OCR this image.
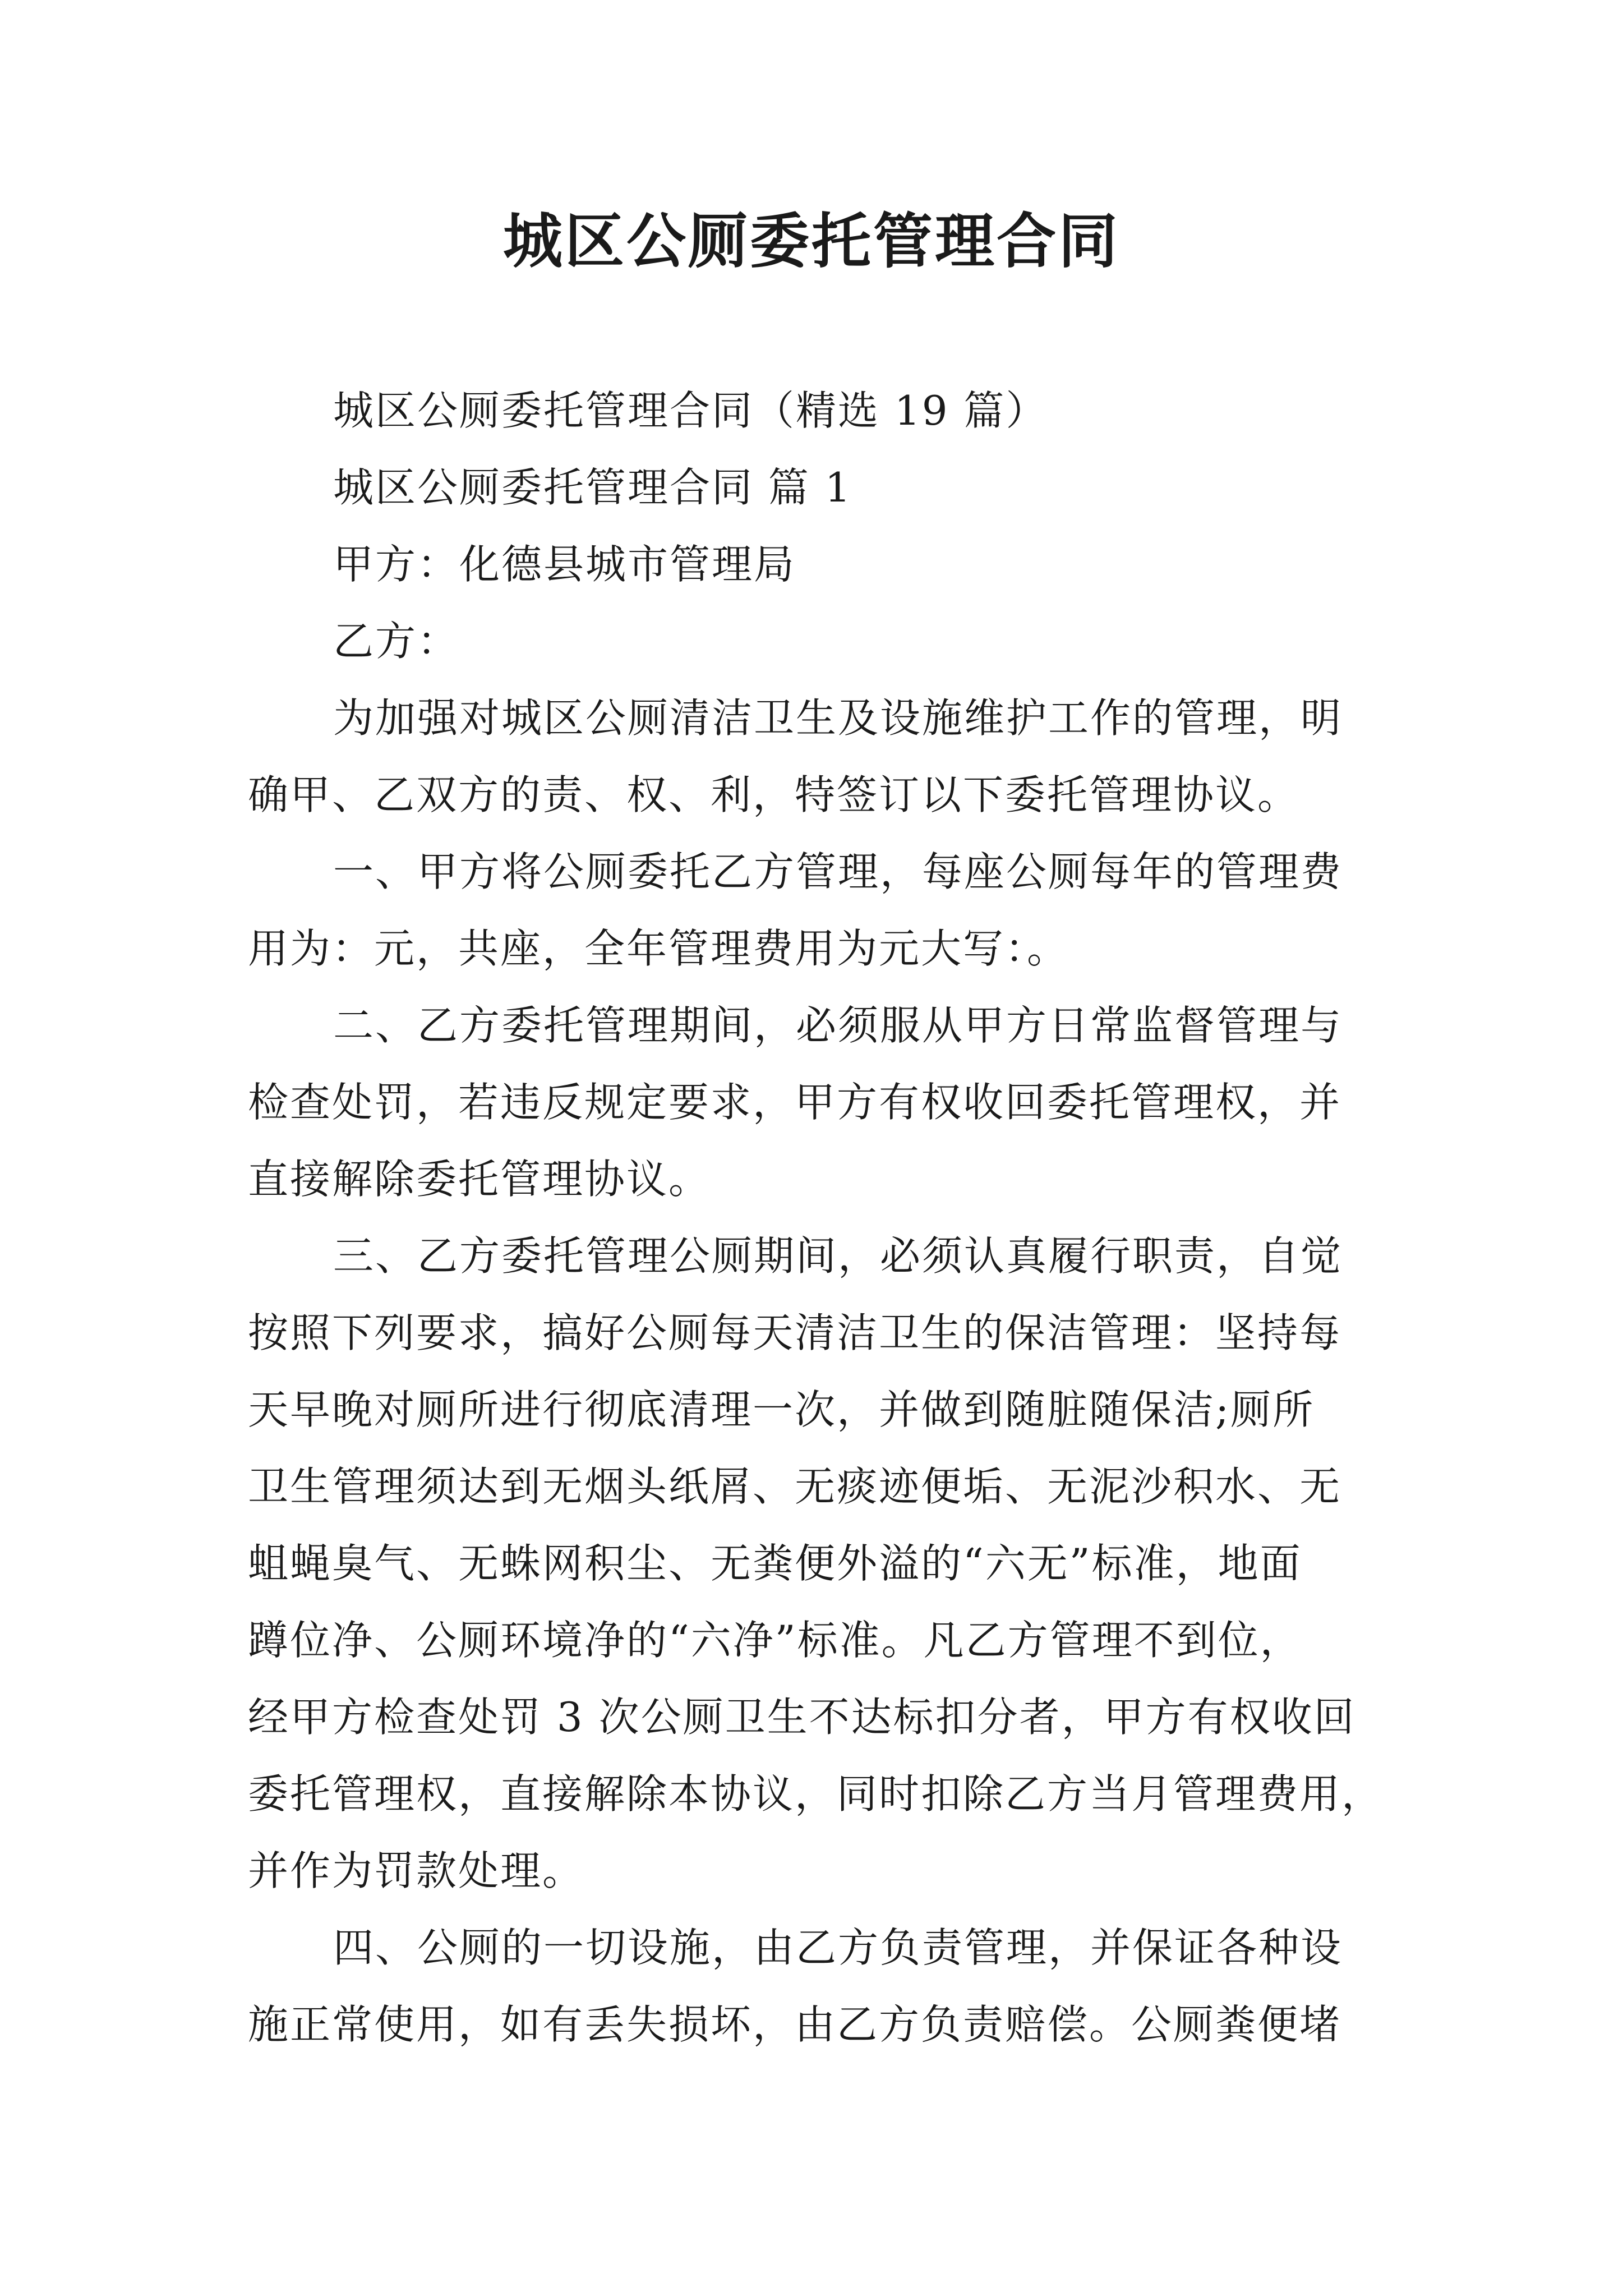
城区公厕委托管理合同
城区公厕委托管理合同（精选 19 篇）
城区公厕委托管理合同 篇 1
甲方：化德县城市管理局
乙方：
为加强对城区公厕清洁卫生及设施维护工作的管理，明
确甲、乙双方的责、权、利，特签订以下委托管理协议。
一、甲方将公厕委托乙方管理，每座公厕每年的管理费
用为：元，共座，全年管理费用为元大写：。
二、乙方委托管理期间，必须服从甲方日常监督管理与
检查处罚，若违反规定要求，甲方有权收回委托管理权，并
直接解除委托管理协议。
三、乙方委托管理公厕期间，必须认真履行职责，自觉
按照下列要求，搞好公厕每天清洁卫生的保洁管理：坚持每
天早晚对厕所进行彻底清理一次，并做到随脏随保洁;厕所
卫生管理须达到无烟头纸屑、无痰迹便垢、无泥沙积水、无
蛆蝇臭气、无蛛网积尘、无粪便外溢的“六无”标准，地面
蹲位净、公厕环境净的“六净”标准。凡乙方管理不到位，
经甲方检查处罚 3 次公厕卫生不达标扣分者，甲方有权收回
委托管理权，直接解除本协议，同时扣除乙方当月管理费用，
并作为罚款处理。
四、公厕的一切设施，由乙方负责管理，并保证各种设
施正常使用，如有丢失损坏，由乙方负责赔偿。公厕粪便堵
